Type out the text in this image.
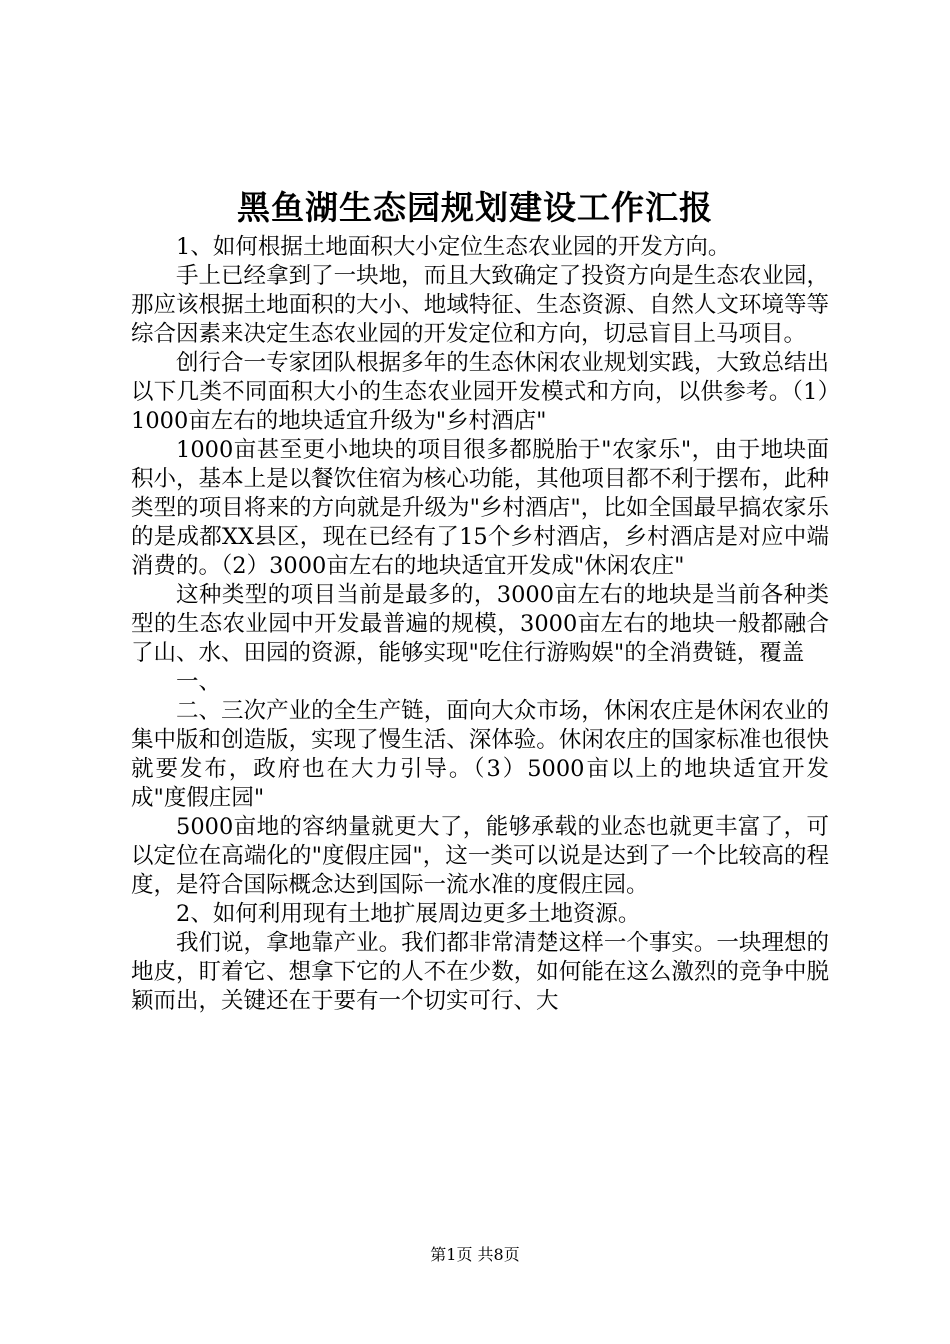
黑鱼湖生态园规划建设工作汇报

1、如何根据土地面积大小定位生态农业园的开发方向。

手上已经拿到了一块地，而且大致确定了投资方向是生态农业园，那应该根据土地面积的大小、地域特征、生态资源、自然人文环境等等综合因素来决定生态农业园的开发定位和方向，切忌盲目上马项目。

创行合一专家团队根据多年的生态休闲农业规划实践，大致总结出以下几类不同面积大小的生态农业园开发模式和方向，以供参考。（1）1000亩左右的地块适宜升级为"乡村酒店"

1000亩甚至更小地块的项目很多都脱胎于"农家乐"，由于地块面积小，基本上是以餐饮住宿为核心功能，其他项目都不利于摆布，此种类型的项目将来的方向就是升级为"乡村酒店"，比如全国最早搞农家乐的是成都XX县区，现在已经有了15个乡村酒店，乡村酒店是对应中端消费的。（2）3000亩左右的地块适宜开发成"休闲农庄"

这种类型的项目当前是最多的，3000亩左右的地块是当前各种类型的生态农业园中开发最普遍的规模，3000亩左右的地块一般都融合了山、水、田园的资源，能够实现"吃住行游购娱"的全消费链，覆盖

一、

二、三次产业的全生产链，面向大众市场，休闲农庄是休闲农业的集中版和创造版，实现了慢生活、深体验。休闲农庄的国家标准也很快就要发布，政府也在大力引导。（3）5000亩以上的地块适宜开发成"度假庄园"

5000亩地的容纳量就更大了，能够承载的业态也就更丰富了，可以定位在高端化的"度假庄园"，这一类可以说是达到了一个比较高的程度，是符合国际概念达到国际一流水准的度假庄园。

2、如何利用现有土地扩展周边更多土地资源。

我们说，拿地靠产业。我们都非常清楚这样一个事实。一块理想的地皮，盯着它、想拿下它的人不在少数，如何能在这么激烈的竞争中脱颖而出，关键还在于要有一个切实可行、大

第1页 共8页
